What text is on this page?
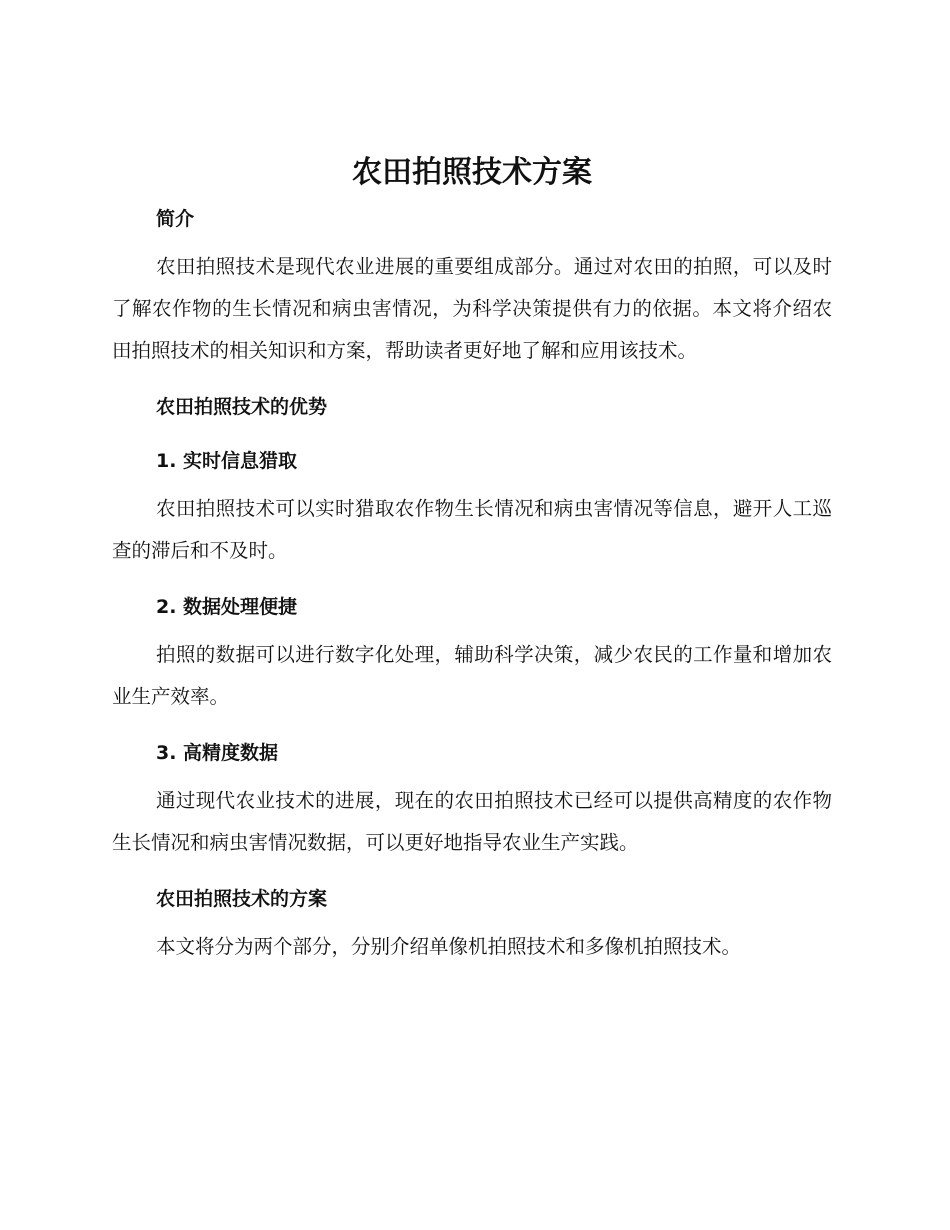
农田拍照技术方案
简介

农田拍照技术是现代农业进展的重要组成部分。通过对农田的拍照，可以及时了解农作物的生长情况和病虫害情况，为科学决策提供有力的依据。本文将介绍农田拍照技术的相关知识和方案，帮助读者更好地了解和应用该技术。

农田拍照技术的优势
1. 实时信息猎取

农田拍照技术可以实时猎取农作物生长情况和病虫害情况等信息，避开人工巡查的滞后和不及时。

2. 数据处理便捷

拍照的数据可以进行数字化处理，辅助科学决策，减少农民的工作量和增加农业生产效率。

3. 高精度数据

通过现代农业技术的进展，现在的农田拍照技术已经可以提供高精度的农作物生长情况和病虫害情况数据，可以更好地指导农业生产实践。

农田拍照技术的方案

本文将分为两个部分，分别介绍单像机拍照技术和多像机拍照技术。
